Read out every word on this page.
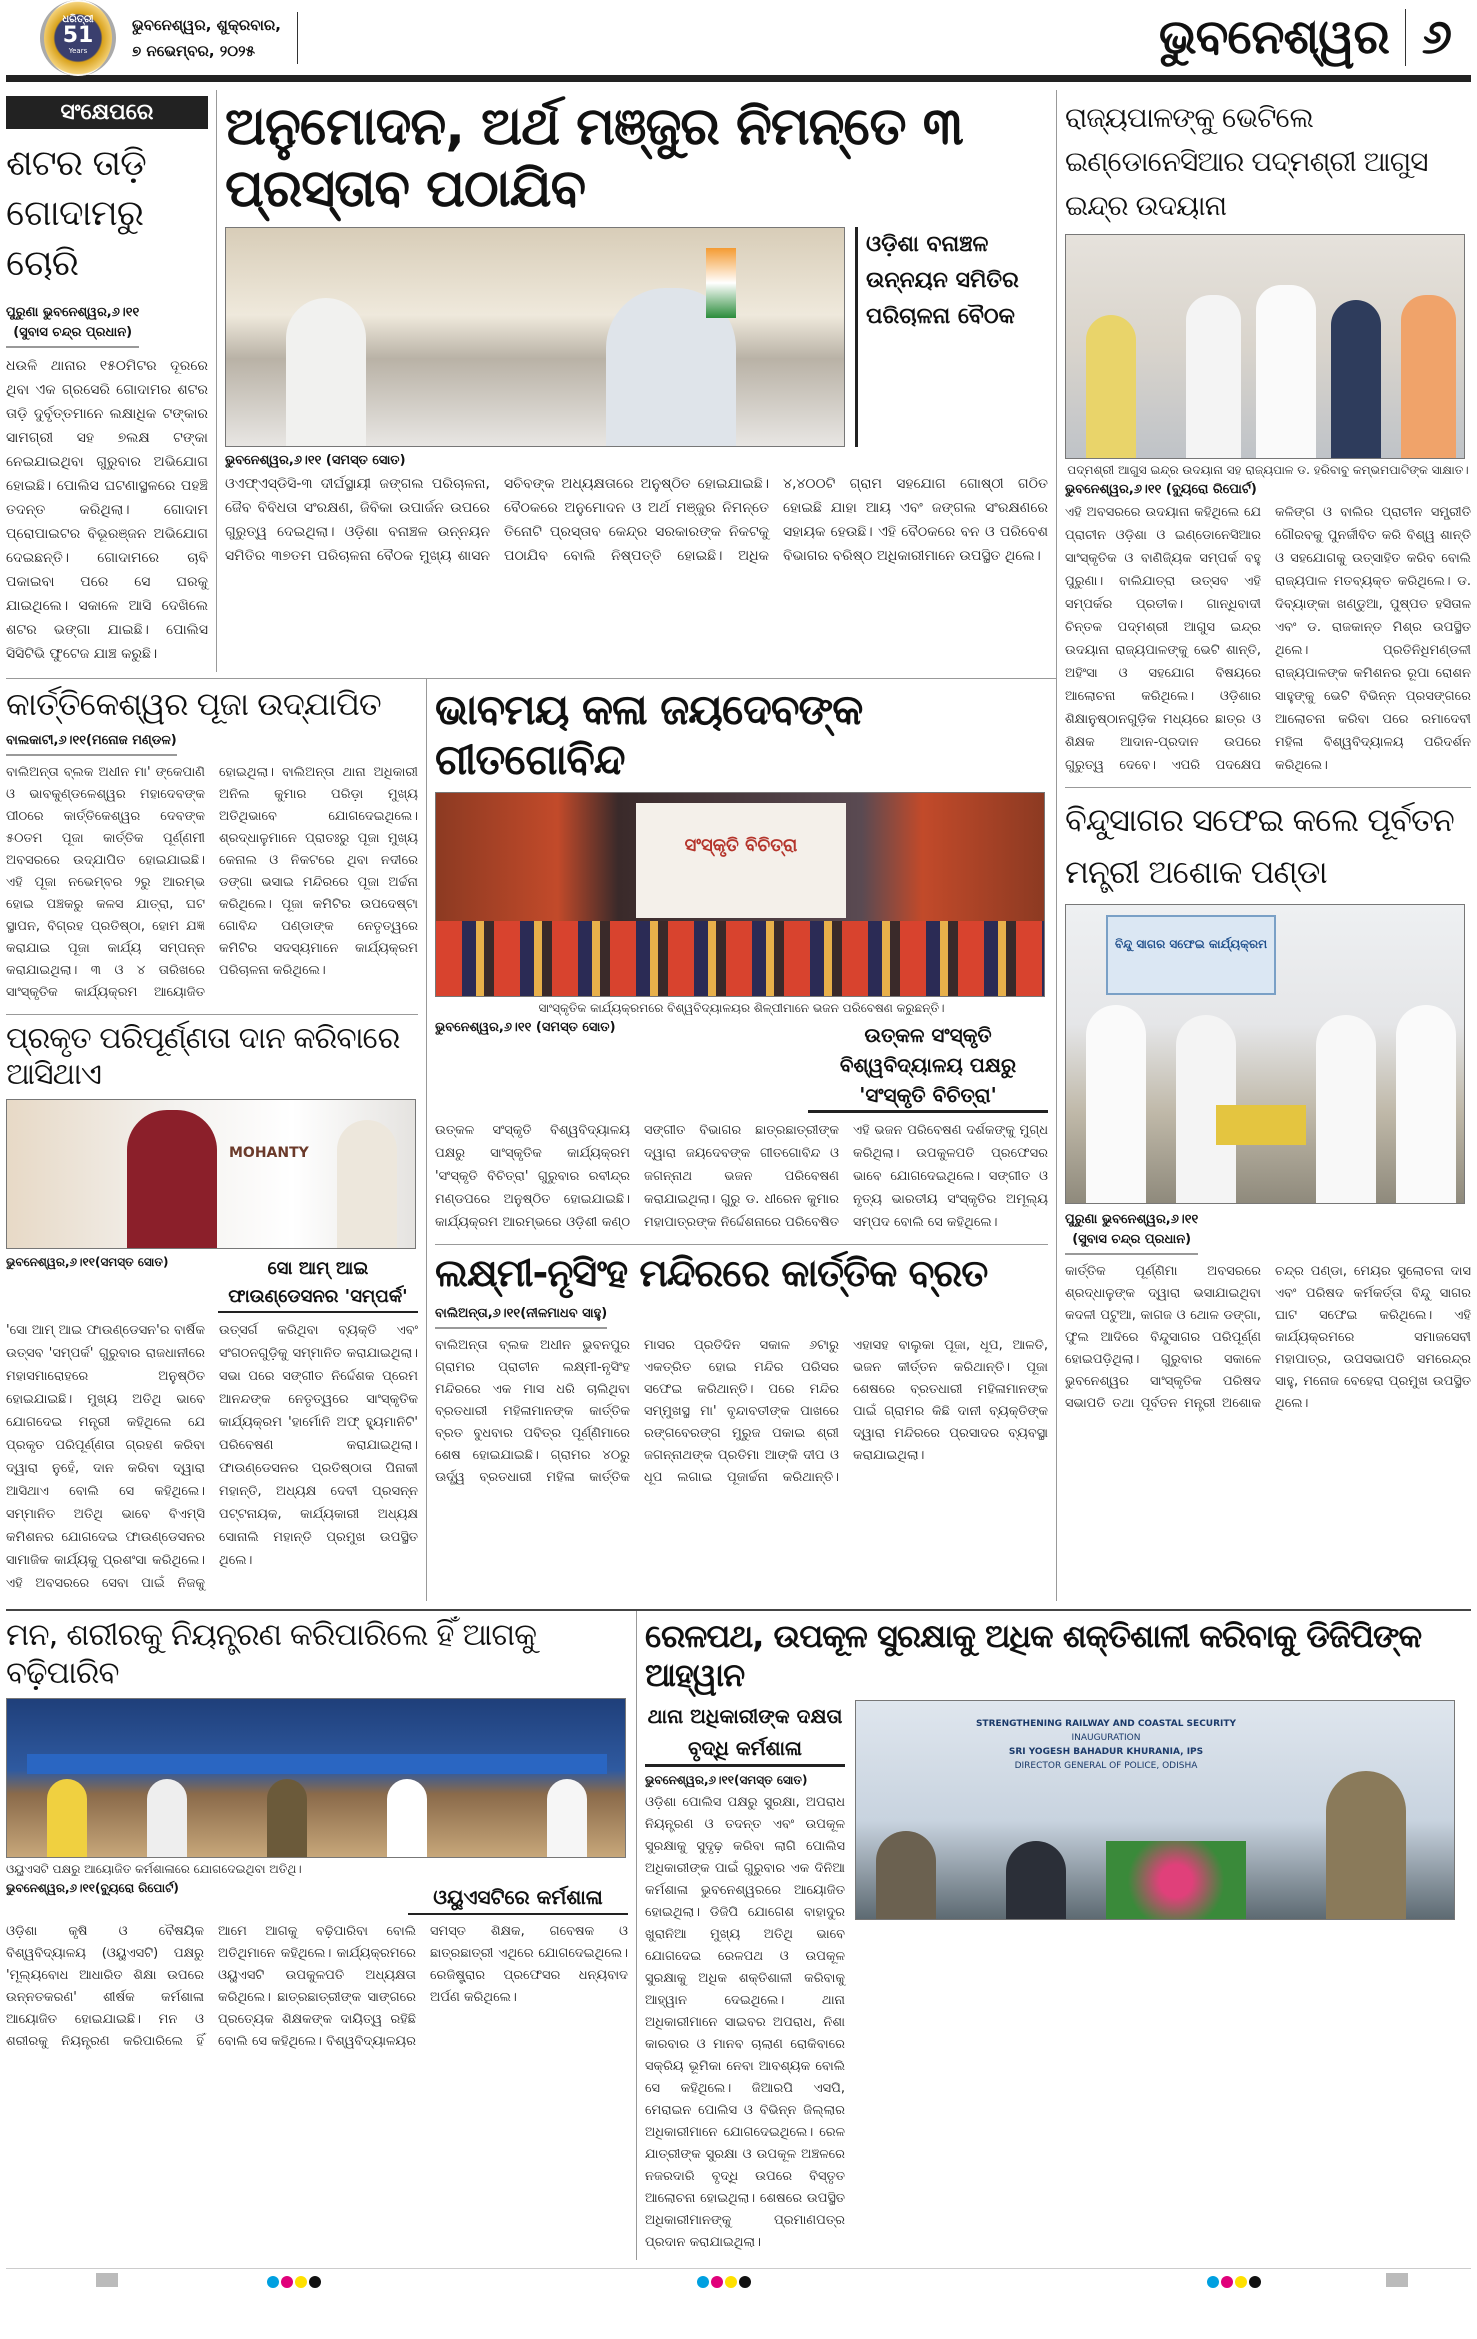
ଧରିତ୍ରୀ
51
Years
ଭୁବନେଶ୍ୱର, ଶୁକ୍ରବାର,
୭ ନଭେମ୍ବର, ୨୦୨୫	ଭୁବନେଶ୍ୱର ୬
ସଂକ୍ଷେପରେ
ଶଟର ତାଡ଼ି ଗୋଦାମରୁ ଚୋରି
ପୁରୁଣା ଭୁବନେଶ୍ୱର,୬।୧୧
(ସୁବାସ ଚନ୍ଦ୍ର ପ୍ରଧାନ)
ଧଉଳି ଥାନାର ୧୫୦ମିଟର ଦୂରରେ ଥିବା ଏକ ଗ୍ରସେରି ଗୋଦାମର ଶଟର ତାଡ଼ି ଦୁର୍ବୃତ୍ତମାନେ ଲକ୍ଷାଧିକ ଟଙ୍କାର ସାମଗ୍ରୀ ସହ ୭ଲକ୍ଷ ଟଙ୍କା ନେଇଯାଇଥିବା ଗୁରୁବାର ଅଭିଯୋଗ ହୋଇଛି। ପୋଲିସ ଘଟଣାସ୍ଥଳରେ ପହଞ୍ଚି ତଦନ୍ତ କରିଥିଲା। ଗୋଦାମ ପ୍ରୋପାଇଟର ବିଭୂରଞ୍ଜନ ଅଭିଯୋଗ ଦେଇଛନ୍ତି। ଗୋଦାମରେ ଚାବି ପକାଇବା ପରେ ସେ ଘରକୁ ଯାଇଥିଲେ। ସକାଳେ ଆସି ଦେଖିଲେ ଶଟର ଭଙ୍ଗା ଯାଇଛି। ପୋଲିସ ସିସିଟିଭି ଫୁଟେଜ ଯାଞ୍ଚ କରୁଛି।
ଅନୁମୋଦନ, ଅର୍ଥ ମଞ୍ଜୁର ନିମନ୍ତେ ୩ ପ୍ରସ୍ତାବ ପଠାଯିବ
ଓଡ଼ିଶା ବନାଞ୍ଚଳ ଉନ୍ନୟନ ସମିତିର ପରିଚାଳନା ବୈଠକ
ଭୁବନେଶ୍ୱର,୬।୧୧ (ସମସ୍ତ ସୋତ)
ଓଏଫ୍‌ଏସ୍‌ଡିସି-୩ ଦୀର୍ଘସ୍ଥାୟୀ ଜଙ୍ଗଲ ପରିଚାଳନା, ଜୈବ ବିବିଧତା ସଂରକ୍ଷଣ, ଜିବିକା ଉପାର୍ଜନ ଉପରେ ଗୁରୁତ୍ୱ ଦେଇଥିଲା। ଓଡ଼ିଶା ବନାଞ୍ଚଳ ଉନ୍ନୟନ ସମିତିର ୩୭ତମ ପରିଚାଳନା ବୈଠକ ମୁଖ୍ୟ ଶାସନ ସଚିବଙ୍କ ଅଧ୍ୟକ୍ଷତାରେ ଅନୁଷ୍ଠିତ ହୋଇଯାଇଛି। ବୈଠକରେ ଅନୁମୋଦନ ଓ ଅର୍ଥ ମଞ୍ଜୁର ନିମନ୍ତେ ତିନୋଟି ପ୍ରସ୍ତାବ କେନ୍ଦ୍ର ସରକାରଙ୍କ ନିକଟକୁ ପଠାଯିବ ବୋଲି ନିଷ୍ପତ୍ତି ହୋଇଛି। ଅଧିକ ୪,୪୦୦ଟି ଗ୍ରାମ ସହଯୋଗ ଗୋଷ୍ଠୀ ଗଠିତ ହୋଇଛି ଯାହା ଆୟ ଏବଂ ଜଙ୍ଗଲ ସଂରକ୍ଷଣରେ ସହାୟକ ହେଉଛି। ଏହି ବୈଠକରେ ବନ ଓ ପରିବେଶ ବିଭାଗର ବରିଷ୍ଠ ଅଧିକାରୀମାନେ ଉପସ୍ଥିତ ଥିଲେ।
କାର୍ତ୍ତିକେଶ୍ୱର ପୂଜା ଉଦ୍‌ଯାପିତ
ବାଲକାଟୀ,୬।୧୧(ମନୋଜ ମଣ୍ଡଳ)
ବାଲିଅନ୍ତା ବ୍ଲକ ଅଧୀନ ମା' ଙ୍କେପାଣି ଓ ଭାବକୁଣ୍ଡଳେଶ୍ୱର ମହାଦେବଙ୍କ ପୀଠରେ କାର୍ତ୍ତିକେଶ୍ୱର ଦେବଙ୍କ ୫୦ତମ ପୂଜା କାର୍ତ୍ତିକ ପୂର୍ଣ୍ଣମୀ ଅବସରରେ ଉଦ୍‌ଯାପିତ ହୋଇଯାଇଛି। ଏହି ପୂଜା ନଭେମ୍ବର ୨ରୁ ଆରମ୍ଭ ହୋଇ ପଞ୍ଚକରୁ କଳସ ଯାତ୍ରା, ଘଟ ସ୍ଥାପନ, ବିଗ୍ରହ ପ୍ରତିଷ୍ଠା, ହୋମ ଯଜ୍ଞ କରାଯାଇ ପୂଜା କାର୍ଯ୍ୟ ସମ୍ପନ୍ନ କରାଯାଇଥିଲା। ୩ ଓ ୪ ତାରିଖରେ ସାଂସ୍କୃତିକ କାର୍ଯ୍ୟକ୍ରମ ଆୟୋଜିତ ହୋଇଥିଲା। ବାଲିଅନ୍ତା ଥାନା ଅଧିକାରୀ ଅନିଲ କୁମାର ପରିଡ଼ା ମୁଖ୍ୟ ଅତିଥିଭାବେ ଯୋଗଦେଇଥିଲେ। ଶ୍ରଦ୍ଧାଳୁମାନେ ପ୍ରାତଃରୁ ପୂଜା ମୁଖ୍ୟ କେନାଲ ଓ ନିକଟରେ ଥିବା ନଦୀରେ ଡଙ୍ଗା ଭସାଇ ମନ୍ଦିରରେ ପୂଜା ଅର୍ଚ୍ଚନା କରିଥିଲେ। ପୂଜା କମିଟିର ଉପଦେଷ୍ଟା ଗୋବିନ୍ଦ ପଣ୍ଡାଙ୍କ ନେତୃତ୍ୱରେ କମିଟିର ସଦସ୍ୟମାନେ କାର୍ଯ୍ୟକ୍ରମ ପରିଚାଳନା କରିଥିଲେ।
ପ୍ରକୃତ ପରିପୂର୍ଣ୍ଣତା ଦାନ କରିବାରେ ଆସିଥାଏ
MOHANTY
ଭୁବନେଶ୍ୱର,୬।୧୧(ସମସ୍ତ ସୋତ)	ସୋ ଆମ୍ ଆଇ ଫାଉଣ୍ଡେସନର 'ସମ୍ପର୍କ'
'ସୋ ଆମ୍ ଆଇ ଫାଉଣ୍ଡେସନ'ର ବାର୍ଷିକ ଉତ୍ସବ 'ସମ୍ପର୍କ' ଗୁରୁବାର ରାଜଧାନୀରେ ମହାସମାରୋହରେ ଅନୁଷ୍ଠିତ ହୋଇଯାଇଛି। ମୁଖ୍ୟ ଅତିଥି ଭାବେ ଯୋଗଦେଇ ମନ୍ତ୍ରୀ କହିଥିଲେ ଯେ ପ୍ରକୃତ ପରିପୂର୍ଣ୍ଣତା ଗ୍ରହଣ କରିବା ଦ୍ୱାରା ନୁହେଁ, ଦାନ କରିବା ଦ୍ୱାରା ଆସିଥାଏ ବୋଲି ସେ କହିଥିଲେ। ସମ୍ମାନିତ ଅତିଥି ଭାବେ ବିଏମ୍‌ସି କମିଶନର ଯୋଗଦେଇ ଫାଉଣ୍ଡେସନର ସାମାଜିକ କାର୍ଯ୍ୟକୁ ପ୍ରଶଂସା କରିଥିଲେ। ଏହି ଅବସରରେ ସେବା ପାଇଁ ନିଜକୁ ଉତ୍ସର୍ଗ କରିଥିବା ବ୍ୟକ୍ତି ଏବଂ ସଂଗଠନଗୁଡ଼ିକୁ ସମ୍ମାନିତ କରାଯାଇଥିଲା। ସଭା ପରେ ସଙ୍ଗୀତ ନିର୍ଦ୍ଦେଶକ ପ୍ରେମ ଆନନ୍ଦଙ୍କ ନେତୃତ୍ୱରେ ସାଂସ୍କୃତିକ କାର୍ଯ୍ୟକ୍ରମ 'ହାର୍ମୋନି ଅଫ୍ ହ୍ୟୁମାନିଟି' ପରିବେଷଣ କରାଯାଇଥିଲା। ଫାଉଣ୍ଡେସନର ପ୍ରତିଷ୍ଠାତା ପିନାକୀ ମହାନ୍ତି, ଅଧ୍ୟକ୍ଷ ଦେବୀ ପ୍ରସନ୍ନ ପଟ୍ଟନାୟକ, କାର୍ଯ୍ୟକାରୀ ଅଧ୍ୟକ୍ଷ ସୋନାଲି ମହାନ୍ତି ପ୍ରମୁଖ ଉପସ୍ଥିତ ଥିଲେ।
ଭାବମୟ କଳା ଜୟଦେବଙ୍କ ଗୀତଗୋବିନ୍ଦ
ସଂସ୍କୃତି ବିଚିତ୍ରା
ସାଂସ୍କୃତିକ କାର୍ଯ୍ୟକ୍ରମରେ ବିଶ୍ୱବିଦ୍ୟାଳୟର ଶିଳ୍ପୀମାନେ ଭଜନ ପରିବେଷଣ କରୁଛନ୍ତି।
ଭୁବନେଶ୍ୱର,୬।୧୧ (ସମସ୍ତ ସୋତ)	ଉତ୍କଳ ସଂସ୍କୃତି ବିଶ୍ୱବିଦ୍ୟାଳୟ ପକ୍ଷରୁ 'ସଂସ୍କୃତି ବିଚିତ୍ରା'
ଉତ୍କଳ ସଂସ୍କୃତି ବିଶ୍ୱବିଦ୍ୟାଳୟ ପକ୍ଷରୁ ସାଂସ୍କୃତିକ କାର୍ଯ୍ୟକ୍ରମ 'ସଂସ୍କୃତି ବିଚିତ୍ରା' ଗୁରୁବାର ରବୀନ୍ଦ୍ର ମଣ୍ଡପରେ ଅନୁଷ୍ଠିତ ହୋଇଯାଇଛି। କାର୍ଯ୍ୟକ୍ରମ ଆରମ୍ଭରେ ଓଡ଼ିଶୀ କଣ୍ଠ ସଙ୍ଗୀତ ବିଭାଗର ଛାତ୍ରଛାତ୍ରୀଙ୍କ ଦ୍ୱାରା ଜୟଦେବଙ୍କ ଗୀତଗୋବିନ୍ଦ ଓ ଜଗନ୍ନାଥ ଭଜନ ପରିବେଷଣ କରାଯାଇଥିଲା। ଗୁରୁ ଡ. ଧୀରେନ କୁମାର ମହାପାତ୍ରଙ୍କ ନିର୍ଦ୍ଦେଶନାରେ ପରିବେଷିତ ଏହି ଭଜନ ପରିବେଷଣ ଦର୍ଶକଙ୍କୁ ମୁଗ୍ଧ କରିଥିଲା। ଉପକୁଳପତି ପ୍ରଫେସର ଭାବେ ଯୋଗଦେଇଥିଲେ। ସଙ୍ଗୀତ ଓ ନୃତ୍ୟ ଭାରତୀୟ ସଂସ୍କୃତିର ଅମୂଲ୍ୟ ସମ୍ପଦ ବୋଲି ସେ କହିଥିଲେ।
ଲକ୍ଷ୍ମୀ-ନୃସିଂହ ମନ୍ଦିରରେ କାର୍ତ୍ତିକ ବ୍ରତ
ବାଲିଅନ୍ତା,୬।୧୧(ନୀଳମାଧବ ସାହୁ)
ବାଲିଅନ୍ତା ବ୍ଲକ ଅଧୀନ ଭୁବନପୁର ଗ୍ରାମର ପ୍ରାଚୀନ ଲକ୍ଷ୍ମୀ-ନୃସିଂହ ମନ୍ଦିରରେ ଏକ ମାସ ଧରି ଚାଲିଥିବା ବ୍ରତଧାରୀ ମହିଳାମାନଙ୍କ କାର୍ତ୍ତିକ ବ୍ରତ ବୁଧବାର ପବିତ୍ର ପୂର୍ଣ୍ଣିମାରେ ଶେଷ ହୋଇଯାଇଛି। ଗ୍ରାମର ୪୦ରୁ ଊର୍ଦ୍ଧ୍ୱ ବ୍ରତଧାରୀ ମହିଳା କାର୍ତ୍ତିକ ମାସର ପ୍ରତିଦିନ ସକାଳ ୬ଟାରୁ ଏକତ୍ରିତ ହୋଇ ମନ୍ଦିର ପରିସର ସଫେଇ କରିଥାନ୍ତି। ପରେ ମନ୍ଦିର ସମ୍ମୁଖସ୍ଥ ମା' ବୃନ୍ଦାବତୀଙ୍କ ପାଖରେ ରଙ୍ଗବେରଙ୍ଗ ମୁରୁଜ ପକାଇ ଶ୍ରୀ ଜଗନ୍ନାଥଙ୍କ ପ୍ରତିମା ଆଙ୍କି ଦୀପ ଓ ଧୂପ ଲଗାଇ ପୂଜାର୍ଚ୍ଚନା କରିଥାନ୍ତି। ଏହାସହ ବାଲୁକା ପୂଜା, ଧୂପ, ଆଳତି, ଭଜନ କୀର୍ତ୍ତନ କରିଥାନ୍ତି। ପୂଜା ଶେଷରେ ବ୍ରତଧାରୀ ମହିଳାମାନଙ୍କ ପାଇଁ ଗ୍ରାମର କିଛି ଦାନୀ ବ୍ୟକ୍ତିଙ୍କ ଦ୍ୱାରା ମନ୍ଦିରରେ ପ୍ରସାଦର ବ୍ୟବସ୍ଥା କରାଯାଇଥିଲା।
ରାଜ୍ୟପାଳଙ୍କୁ ଭେଟିଲେ ଇଣ୍ଡୋନେସିଆର ପଦ୍ମଶ୍ରୀ ଆଗୁସ ଇନ୍ଦ୍ର ଉଦୟାନା
ପଦ୍ମଶ୍ରୀ ଆଗୁସ ଇନ୍ଦ୍ର ଉଦୟାନା ସହ ରାଜ୍ୟପାଳ ଡ. ହରିବାବୁ କମ୍ଭମପାଟିଙ୍କ ସାକ୍ଷାତ।
ଭୁବନେଶ୍ୱର,୬।୧୧ (ବ୍ୟୁରୋ ରିପୋର୍ଟ)
ଏହି ଅବସରରେ ଉଦୟାନା କହିଥିଲେ ଯେ ପ୍ରାଚୀନ ଓଡ଼ିଶା ଓ ଇଣ୍ଡୋନେସିଆର ସାଂସ୍କୃତିକ ଓ ବାଣିଜ୍ୟିକ ସମ୍ପର୍କ ବହୁ ପୁରୁଣା। ବାଲିଯାତ୍ରା ଉତ୍ସବ ଏହି ସମ୍ପର୍କର ପ୍ରତୀକ। ଗାନ୍ଧିବାଦୀ ଚିନ୍ତକ ପଦ୍ମଶ୍ରୀ ଆଗୁସ ଇନ୍ଦ୍ର ଉଦୟାନା ରାଜ୍ୟପାଳଙ୍କୁ ଭେଟି ଶାନ୍ତି, ଅହିଂସା ଓ ସହଯୋଗ ବିଷୟରେ ଆଲୋଚନା କରିଥିଲେ। ଓଡ଼ିଶାର ଶିକ୍ଷାନୁଷ୍ଠାନଗୁଡ଼ିକ ମଧ୍ୟରେ ଛାତ୍ର ଓ ଶିକ୍ଷକ ଆଦାନ-ପ୍ରଦାନ ଉପରେ ଗୁରୁତ୍ୱ ଦେବେ। ଏପରି ପଦକ୍ଷେପ କଳିଙ୍ଗ ଓ ବାଲିର ପ୍ରାଚୀନ ସମ୍ପ୍ରୀତି ଗୌରବକୁ ପୁନର୍ଜୀବିତ କରି ବିଶ୍ୱ ଶାନ୍ତି ଓ ସହଯୋଗକୁ ଉତ୍ସାହିତ କରିବ ବୋଲି ରାଜ୍ୟପାଳ ମତବ୍ୟକ୍ତ କରିଥିଲେ। ଡ. ଦିବ୍ୟାଙ୍କା ଖଣ୍ଡୁଆ, ପୁଷ୍ପତ ହସିତାଳ ଏବଂ ଡ. ରାଜକାନ୍ତ ମିଶ୍ର ଉପସ୍ଥିତ ଥିଲେ। ପ୍ରତିନିଧିମଣ୍ଡଳୀ ରାଜ୍ୟପାଳଙ୍କ କମିଶନର ରୂପା ରୋଶନ ସାହୁଙ୍କୁ ଭେଟି ବିଭିନ୍ନ ପ୍ରସଙ୍ଗରେ ଆଲୋଚନା କରିବା ପରେ ରମାଦେବୀ ମହିଳା ବିଶ୍ୱବିଦ୍ୟାଳୟ ପରିଦର୍ଶନ କରିଥିଲେ।
ବିନ୍ଦୁସାଗର ସଫେଇ କଲେ ପୂର୍ବତନ ମନ୍ତ୍ରୀ ଅଶୋକ ପଣ୍ଡା
ବିନ୍ଦୁ ସାଗର ସଫେଇ କାର୍ଯ୍ୟକ୍ରମ
ପୁରୁଣା ଭୁବନେଶ୍ୱର,୬।୧୧
(ସୁବାସ ଚନ୍ଦ୍ର ପ୍ରଧାନ)
କାର୍ତ୍ତିକ ପୂର୍ଣ୍ଣିମା ଅବସରରେ ଶ୍ରଦ୍ଧାଳୁଙ୍କ ଦ୍ୱାରା ଭସାଯାଇଥିବା କଦଳୀ ପଟୁଆ, କାଗଜ ଓ ଥୋଳ ଡଙ୍ଗା, ଫୁଲ ଆଦିରେ ବିନ୍ଦୁସାଗର ପରିପୂର୍ଣ୍ଣ ହୋଇପଡ଼ିଥିଲା। ଗୁରୁବାର ସକାଳେ ଭୁବନେଶ୍ୱର ସାଂସ୍କୃତିକ ପରିଷଦ ସଭାପତି ତଥା ପୂର୍ବତନ ମନ୍ତ୍ରୀ ଅଶୋକ ଚନ୍ଦ୍ର ପଣ୍ଡା, ମେୟର ସୁଲୋଚନା ଦାସ ଏବଂ ପରିଷଦ କର୍ମକର୍ତ୍ତା ବିନ୍ଦୁ ସାଗର ଘାଟ ସଫେଇ କରିଥିଲେ। ଏହି କାର୍ଯ୍ୟକ୍ରମରେ ସମାଜସେବୀ ମହାପାତ୍ର, ଉପସଭାପତି ସମରେନ୍ଦ୍ର ସାହୁ, ମନୋଜ ବେହେରା ପ୍ରମୁଖ ଉପସ୍ଥିତ ଥିଲେ।
ମନ, ଶରୀରକୁ ନିୟନ୍ତ୍ରଣ କରିପାରିଲେ ହିଁ ଆଗକୁ ବଢ଼ିପାରିବ
ଓୟୁଏସଟି ପକ୍ଷରୁ ଆୟୋଜିତ କର୍ମଶାଳାରେ ଯୋଗଦେଇଥିବା ଅତିଥି।
ଭୁବନେଶ୍ୱର,୬।୧୧(ବ୍ୟୁରୋ ରିପୋର୍ଟ)	ଓୟୁଏସଟିରେ କର୍ମଶାଳା
ଓଡ଼ିଶା କୃଷି ଓ ବୈଷୟିକ ବିଶ୍ୱବିଦ୍ୟାଳୟ (ଓୟୁଏସଟି) ପକ୍ଷରୁ 'ମୂଲ୍ୟବୋଧ ଆଧାରିତ ଶିକ୍ଷା ଉପରେ ଉନ୍ନତକରଣ' ଶୀର୍ଷକ କର୍ମଶାଳା ଆୟୋଜିତ ହୋଇଯାଇଛି। ମନ ଓ ଶରୀରକୁ ନିୟନ୍ତ୍ରଣ କରିପାରିଲେ ହିଁ ଆମେ ଆଗକୁ ବଢ଼ିପାରିବା ବୋଲି ଅତିଥିମାନେ କହିଥିଲେ। କାର୍ଯ୍ୟକ୍ରମରେ ଓୟୁଏସଟି ଉପକୁଳପତି ଅଧ୍ୟକ୍ଷତା କରିଥିଲେ। ଛାତ୍ରଛାତ୍ରୀଙ୍କ ସାଙ୍ଗରେ ପ୍ରତ୍ୟେକ ଶିକ୍ଷକଙ୍କ ଦାୟିତ୍ୱ ରହିଛି ବୋଲି ସେ କହିଥିଲେ। ବିଶ୍ୱବିଦ୍ୟାଳୟର ସମସ୍ତ ଶିକ୍ଷକ, ଗବେଷକ ଓ ଛାତ୍ରଛାତ୍ରୀ ଏଥିରେ ଯୋଗଦେଇଥିଲେ। ରେଜିଷ୍ଟ୍ରାର ପ୍ରଫେସର ଧନ୍ୟବାଦ ଅର୍ପଣ କରିଥିଲେ।
ରେଳପଥ, ଉପକୂଳ ସୁରକ୍ଷାକୁ ଅଧିକ ଶକ୍ତିଶାଳୀ କରିବାକୁ ଡିଜିପିଙ୍କ ଆହ୍ୱାନ
ଥାନା ଅଧିକାରୀଙ୍କ ଦକ୍ଷତା ବୃଦ୍ଧି କର୍ମଶାଳା
ଭୁବନେଶ୍ୱର,୬।୧୧(ସମସ୍ତ ସୋତ)
ଓଡ଼ିଶା ପୋଲିସ ପକ୍ଷରୁ ସୁରକ୍ଷା, ଅପରାଧ ନିୟନ୍ତ୍ରଣ ଓ ତଦନ୍ତ ଏବଂ ଉପକୂଳ ସୁରକ୍ଷାକୁ ସୁଦୃଢ଼ କରିବା ଲାଗି ପୋଲିସ ଅଧିକାରୀଙ୍କ ପାଇଁ ଗୁରୁବାର ଏକ ଦିନିଆ କର୍ମଶାଳା ଭୁବନେଶ୍ୱରରେ ଆୟୋଜିତ ହୋଇଥିଲା। ଡିଜିପି ଯୋଗେଶ ବାହାଦୁର ଖୁରାନିଆ ମୁଖ୍ୟ ଅତିଥି ଭାବେ ଯୋଗଦେଇ ରେଳପଥ ଓ ଉପକୂଳ ସୁରକ୍ଷାକୁ ଅଧିକ ଶକ୍ତିଶାଳୀ କରିବାକୁ ଆହ୍ୱାନ ଦେଇଥିଲେ। ଥାନା ଅଧିକାରୀମାନେ ସାଇବର ଅପରାଧ, ନିଶା କାରବାର ଓ ମାନବ ଚାଲାଣ ରୋକିବାରେ ସକ୍ରିୟ ଭୂମିକା ନେବା ଆବଶ୍ୟକ ବୋଲି ସେ କହିଥିଲେ। ଜିଆରପି ଏସପି, ମେରାଇନ ପୋଲିସ ଓ ବିଭିନ୍ନ ଜିଲ୍ଲାର ଅଧିକାରୀମାନେ ଯୋଗଦେଇଥିଲେ। ରେଳ ଯାତ୍ରୀଙ୍କ ସୁରକ୍ଷା ଓ ଉପକୂଳ ଅଞ୍ଚଳରେ ନଜରଦାରି ବୃଦ୍ଧି ଉପରେ ବିସ୍ତୃତ ଆଲୋଚନା ହୋଇଥିଲା। ଶେଷରେ ଉପସ୍ଥିତ ଅଧିକାରୀମାନଙ୍କୁ ପ୍ରମାଣପତ୍ର ପ୍ରଦାନ କରାଯାଇଥିଲା।
STRENGTHENING RAILWAY AND COASTAL SECURITY
INAUGURATION
SRI YOGESH BAHADUR KHURANIA, IPS
DIRECTOR GENERAL OF POLICE, ODISHA
